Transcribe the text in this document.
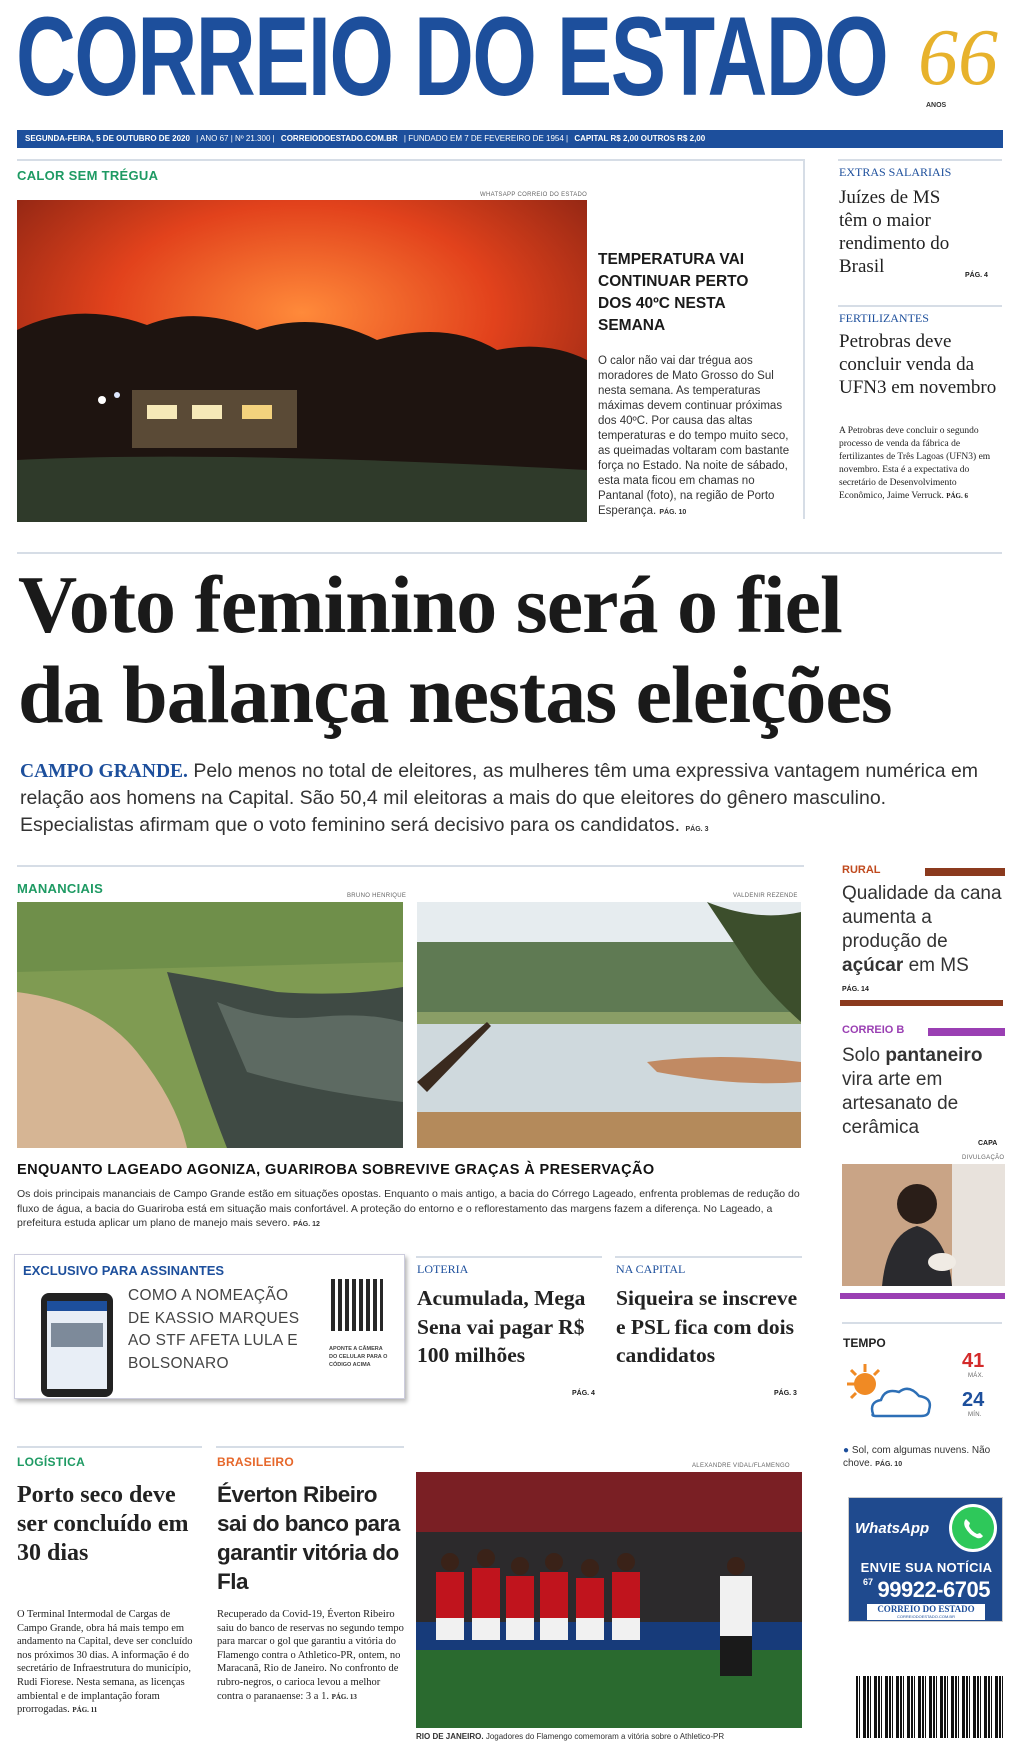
CORREIO DO ESTADO 66
ANOS
SEGUNDA-FEIRA, 5 DE OUTUBRO DE 2020 | ANO 67 | Nº 21.300 | CORREIODOESTADO.COM.BR | FUNDADO EM 7 DE FEVEREIRO DE 1954 | CAPITAL R$ 2,00 OUTROS R$ 2,00
CALOR SEM TRÉGUA
WHATSAPP CORREIO DO ESTADO
TEMPERATURA VAI CONTINUAR PERTO DOS 40ºC NESTA SEMANA
O calor não vai dar trégua aos moradores de Mato Grosso do Sul nesta semana. As temperaturas máximas devem continuar próximas dos 40ºC. Por causa das altas temperaturas e do tempo muito seco, as queimadas voltaram com bastante força no Estado. Na noite de sábado, esta mata ficou em chamas no Pantanal (foto), na região de Porto Esperança. PÁG. 10
EXTRAS SALARIAIS
Juízes de MS têm o maior rendimento do Brasil	PÁG. 4
FERTILIZANTES
Petrobras deve concluir venda da UFN3 em novembro
A Petrobras deve concluir o segundo processo de venda da fábrica de fertilizantes de Três Lagoas (UFN3) em novembro. Esta é a expectativa do secretário de Desenvolvimento Econômico, Jaime Verruck. PÁG. 6
Voto feminino será o fiel
da balança nestas eleições
CAMPO GRANDE. Pelo menos no total de eleitores, as mulheres têm uma expressiva vantagem numérica em relação aos homens na Capital. São 50,4 mil eleitoras a mais do que eleitores do gênero masculino. Especialistas afirmam que o voto feminino será decisivo para os candidatos. PÁG. 3
MANANCIAIS	BRUNO HENRIQUE	VALDENIR REZENDE
ENQUANTO LAGEADO AGONIZA, GUARIROBA SOBREVIVE GRAÇAS À PRESERVAÇÃO
Os dois principais mananciais de Campo Grande estão em situações opostas. Enquanto o mais antigo, a bacia do Córrego Lageado, enfrenta problemas de redução do fluxo de água, a bacia do Guariroba está em situação mais confortável. A proteção do entorno e o reflorestamento das margens fazem a diferença. No Lageado, a prefeitura estuda aplicar um plano de manejo mais severo. PÁG. 12
RURAL
Qualidade da cana aumenta a produção de açúcar em MS
PÁG. 14
CORREIO B
Solo pantaneiro vira arte em artesanato de cerâmica
CAPA
DIVULGAÇÃO
EXCLUSIVO PARA ASSINANTES
COMO A NOMEAÇÃO DE KASSIO MARQUES AO STF AFETA LULA E BOLSONARO
APONTE A CÂMERA DO CELULAR PARA O CÓDIGO ACIMA
LOTERIA
Acumulada, Mega Sena vai pagar R$ 100 milhões
PÁG. 4
NA CAPITAL
Siqueira se inscreve e PSL fica com dois candidatos
PÁG. 3
TEMPO
41
MÁX.
24
MÍN.
● Sol, com algumas nuvens. Não chove. PÁG. 10
LOGÍSTICA
Porto seco deve ser concluído em 30 dias
O Terminal Intermodal de Cargas de Campo Grande, obra há mais tempo em andamento na Capital, deve ser concluído nos próximos 30 dias. A informação é do secretário de Infraestrutura do município, Rudi Fiorese. Nesta semana, as licenças ambiental e de implantação foram prorrogadas. PÁG. 11
BRASILEIRO
Éverton Ribeiro sai do banco para garantir vitória do Fla
Recuperado da Covid-19, Éverton Ribeiro saiu do banco de reservas no segundo tempo para marcar o gol que garantiu a vitória do Flamengo contra o Athletico-PR, ontem, no Maracanã, Rio de Janeiro. No confronto de rubro-negros, o carioca levou a melhor contra o paranaense: 3 a 1. PÁG. 13
ALEXANDRE VIDAL/FLAMENGO
RIO DE JANEIRO. Jogadores do Flamengo comemoram a vitória sobre o Athletico-PR
WhatsApp
ENVIE SUA NOTÍCIA
$^{67}$ 99922-6705
CORREIO DO ESTADO
CORREIODOESTADO.COM.BR
